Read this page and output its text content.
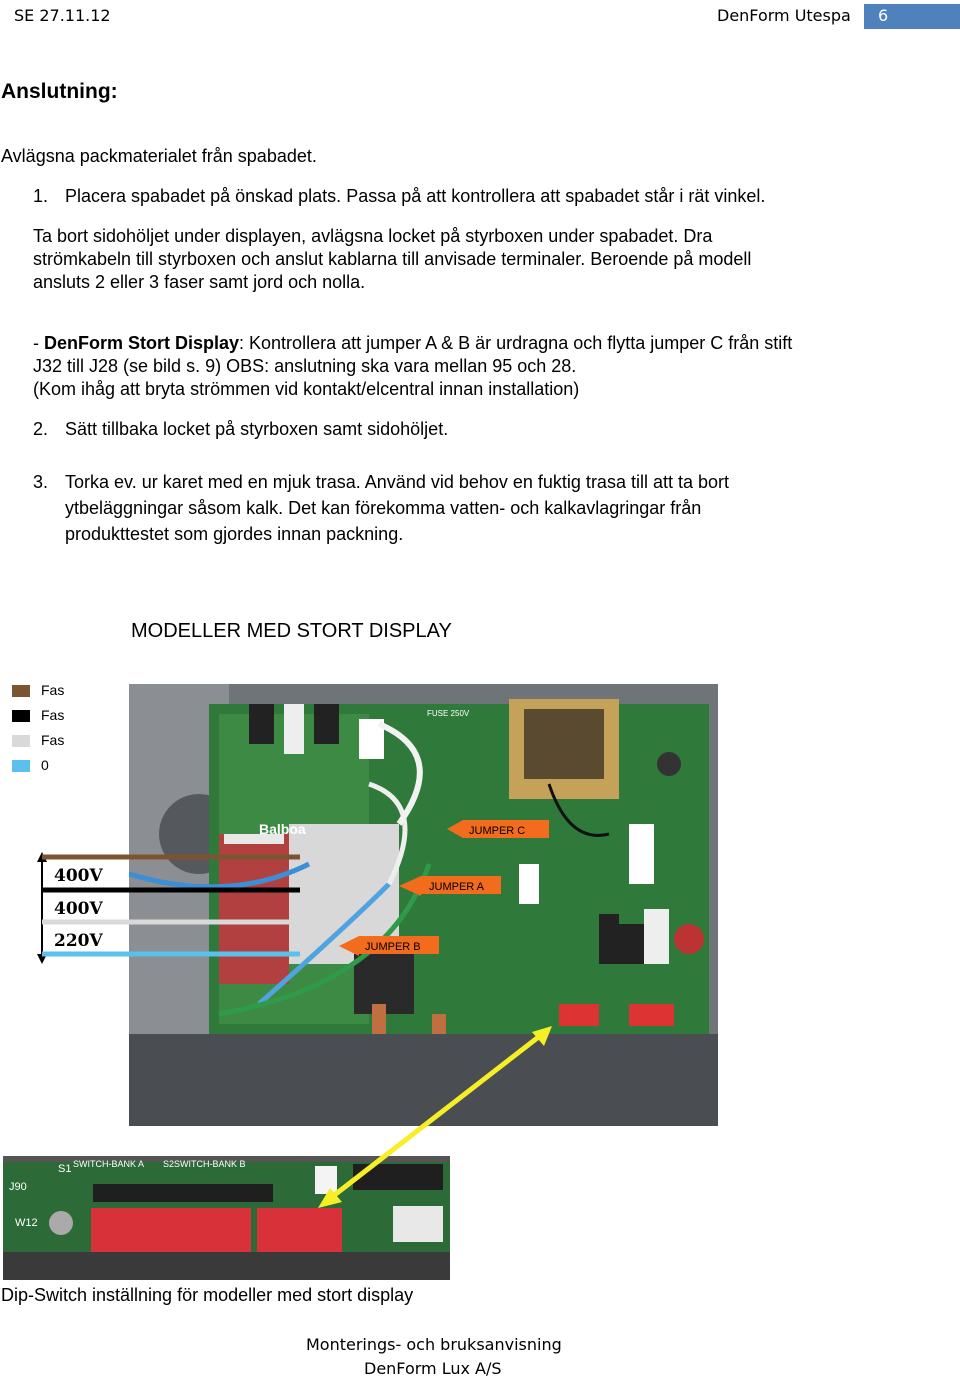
SE 27.11.12	DenForm Utespa 6
Anslutning:
Avlägsna packmaterialet från spabadet.
1. Placera spabadet på önskad plats. Passa på att kontrollera att spabadet står i rät vinkel.
Ta bort sidohöljet under displayen, avlägsna locket på styrboxen under spabadet. Dra
strömkabeln till styrboxen och anslut kablarna till anvisade terminaler. Beroende på modell
ansluts 2 eller 3 faser samt jord och nolla.
- DenForm Stort Display: Kontrollera att jumper A & B är urdragna och flytta jumper C från stift
J32 till J28 (se bild s. 9) OBS: anslutning ska vara mellan 95 och 28.
(Kom ihåg att bryta strömmen vid kontakt/elcentral innan installation)
2. Sätt tillbaka locket på styrboxen samt sidohöljet.
3. Torka ev. ur karet med en mjuk trasa. Använd vid behov en fuktig trasa till att ta bort
ytbeläggningar såsom kalk. Det kan förekomma vatten- och kalkavlagringar från
produkttestet som gjordes innan packning.
MODELLER MED STORT DISPLAY
Fas
Fas
Fas
0
Balboa
FUSE 250V
JUMPER C
JUMPER A
JUMPER B
400V
400V
220V
S1 SWITCH-BANK A S2SWITCH-BANK B
J90
W12
Dip-Switch inställning för modeller med stort display
Monterings- och bruksanvisning
DenForm Lux A/S
